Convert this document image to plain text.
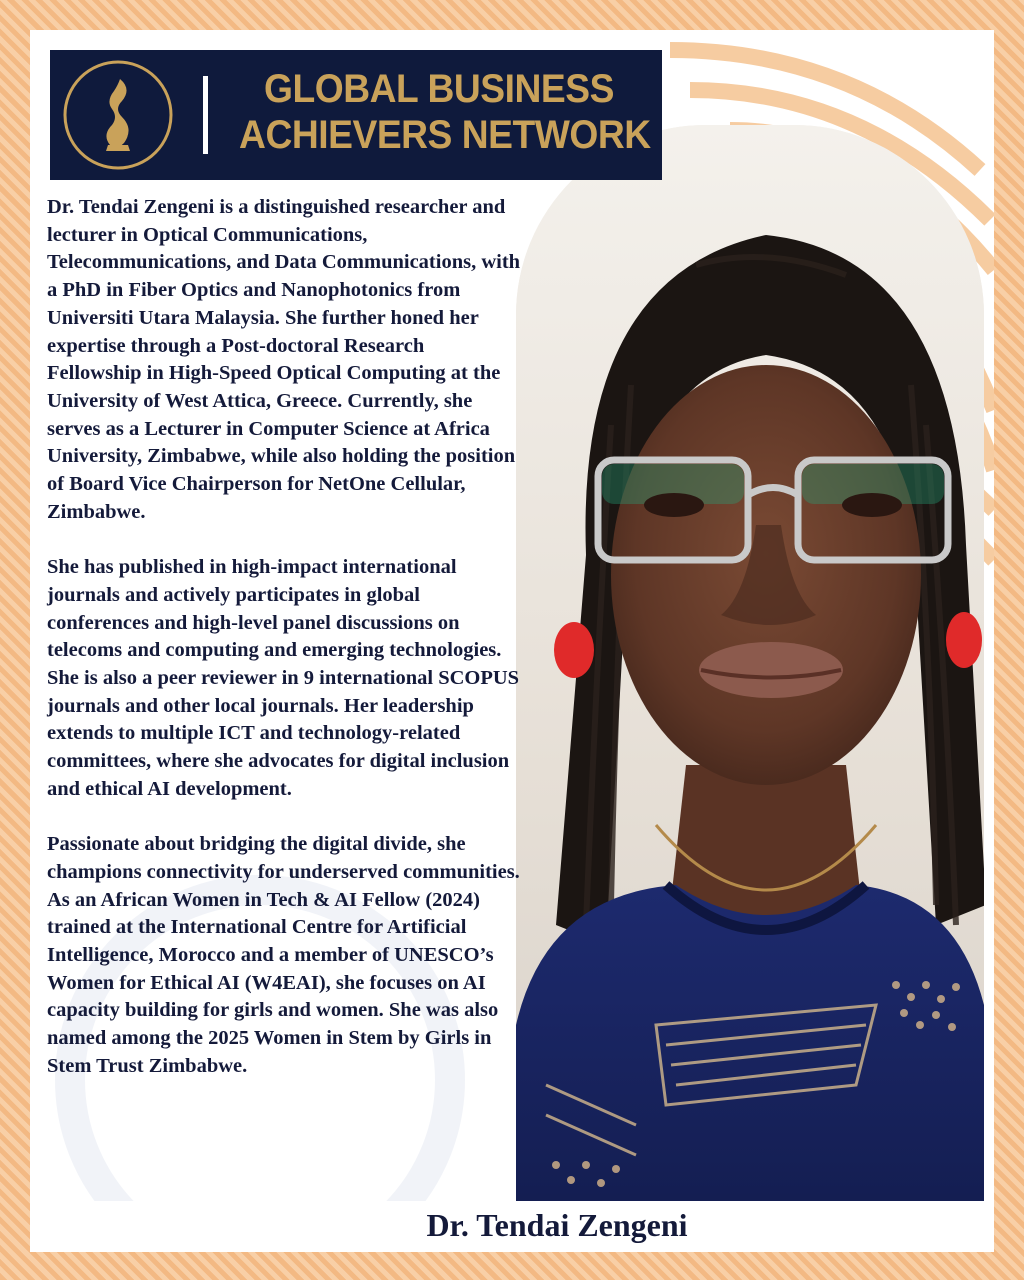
GLOBAL BUSINESS
ACHIEVERS NETWORK

Dr. Tendai Zengeni is a distinguished researcher and lecturer in Optical Communications, Telecommunications, and Data Communications, with a PhD in Fiber Optics and Nanophotonics from Universiti Utara Malaysia. She further honed her expertise through a Post-doctoral Research Fellowship in High-Speed Optical Computing at the University of West Attica, Greece. Currently, she serves as a Lecturer in Computer Science at Africa University, Zimbabwe, while also holding the position of Board Vice Chairperson for NetOne Cellular, Zimbabwe.

She has published in high-impact international journals and actively participates in global conferences and high-level panel discussions on telecoms and computing and emerging technologies. She is also a peer reviewer in 9 international SCOPUS journals and other local journals. Her leadership extends to multiple ICT and technology-related committees, where she advocates for digital inclusion and ethical AI development.

Passionate about bridging the digital divide, she champions connectivity for underserved communities. As an African Women in Tech & AI Fellow (2024) trained at the International Centre for Artificial Intelligence, Morocco and a member of UNESCO’s Women for Ethical AI (W4EAI), she focuses on AI capacity building for girls and women. She was also named among the 2025 Women in Stem by Girls in Stem Trust Zimbabwe.

Dr. Tendai Zengeni
